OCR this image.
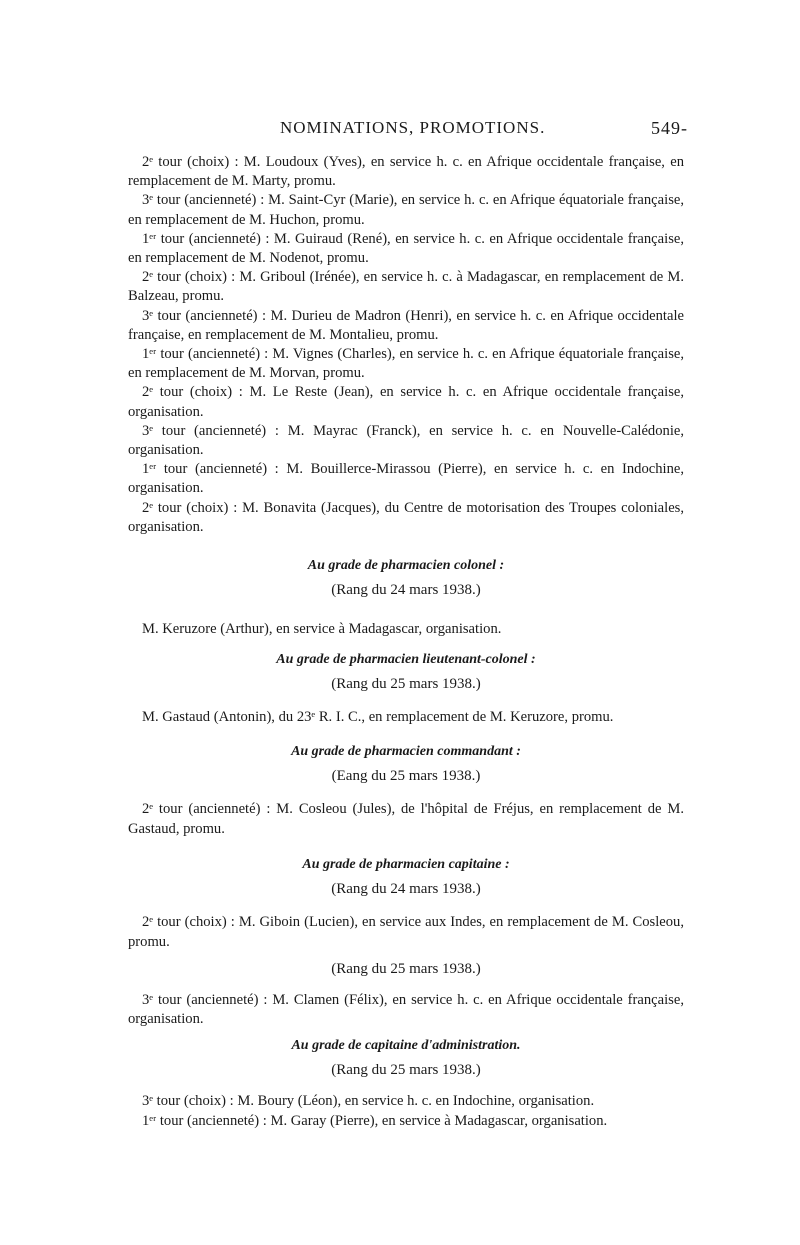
NOMINATIONS, PROMOTIONS.	549-

2ᵉ tour (choix) : M. Loudoux (Yves), en service h. c. en Afrique occidentale française, en remplacement de M. Marty, promu.

3ᵉ tour (ancienneté) : M. Saint-Cyr (Marie), en service h. c. en Afrique équatoriale française, en remplacement de M. Huchon, promu.

1ᵉʳ tour (ancienneté) : M. Guiraud (René), en service h. c. en Afrique occidentale française, en remplacement de M. Nodenot, promu.

2ᵉ tour (choix) : M. Griboul (Irénée), en service h. c. à Madagascar, en remplacement de M. Balzeau, promu.

3ᵉ tour (ancienneté) : M. Durieu de Madron (Henri), en service h. c. en Afrique occidentale française, en remplacement de M. Montalieu, promu.

1ᵉʳ tour (ancienneté) : M. Vignes (Charles), en service h. c. en Afrique équatoriale française, en remplacement de M. Morvan, promu.

2ᵉ tour (choix) : M. Le Reste (Jean), en service h. c. en Afrique occidentale française, organisation.

3ᵉ tour (ancienneté) : M. Mayrac (Franck), en service h. c. en Nouvelle-Calédonie, organisation.

1ᵉʳ tour (ancienneté) : M. Bouillerce-Mirassou (Pierre), en service h. c. en Indochine, organisation.

2ᵉ tour (choix) : M. Bonavita (Jacques), du Centre de motorisation des Troupes coloniales, organisation.

Au grade de pharmacien colonel :
(Rang du 24 mars 1938.)
M. Keruzore (Arthur), en service à Madagascar, organisation.
Au grade de pharmacien lieutenant-colonel :
(Rang du 25 mars 1938.)
M. Gastaud (Antonin), du 23ᵉ R. I. C., en remplacement de M. Keruzore, promu.
Au grade de pharmacien commandant :
(Eang du 25 mars 1938.)
2ᵉ tour (ancienneté) : M. Cosleou (Jules), de l'hôpital de Fréjus, en remplacement de M. Gastaud, promu.
Au grade de pharmacien capitaine :
(Rang du 24 mars 1938.)
2ᵉ tour (choix) : M. Giboin (Lucien), en service aux Indes, en remplacement de M. Cosleou, promu.
(Rang du 25 mars 1938.)
3ᵉ tour (ancienneté) : M. Clamen (Félix), en service h. c. en Afrique occidentale française, organisation.
Au grade de capitaine d'administration.
(Rang du 25 mars 1938.)
3ᵉ tour (choix) : M. Boury (Léon), en service h. c. en Indochine, organisation.
1ᵉʳ tour (ancienneté) : M. Garay (Pierre), en service à Madagascar, organisation.
